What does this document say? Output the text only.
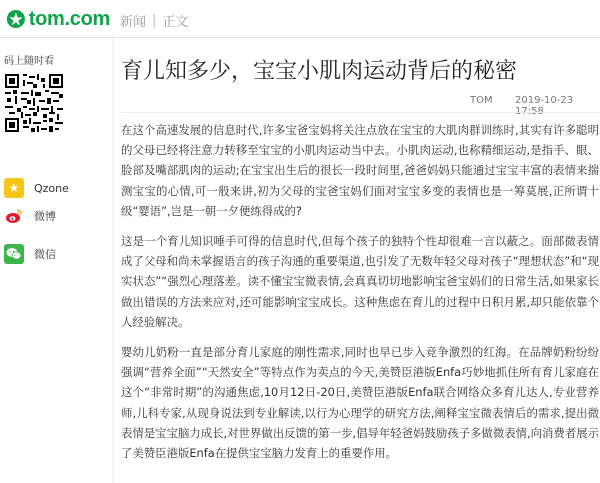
tom.com 新闻 | 正文
码上随时看
★	Qzone
微博
微信
育儿知多少，宝宝小肌肉运动背后的秘密
TOM 2019-10-23 17:58

在这个高速发展的信息时代,许多宝爸宝妈将关注点放在宝宝的大肌肉群训练时,其实有许多聪明的父母已经将注意力转移至宝宝的小肌肉运动当中去。小肌肉运动,也称精细运动,是指手、眼、脸部及嘴部肌肉的运动;在宝宝出生后的很长一段时间里,爸爸妈妈只能通过宝宝丰富的表情来揣测宝宝的心情,可一般来讲,初为父母的宝爸宝妈们面对宝宝多变的表情也是一筹莫展,正所谓十级“婴语”,岂是一朝一夕便练得成的?

这是一个育儿知识唾手可得的信息时代,但每个孩子的独特个性却很难一言以蔽之。面部微表情成了父母和尚未掌握语言的孩子沟通的重要渠道,也引发了无数年轻父母对孩子“理想状态”和“现实状态”“强烈心理落差。读不懂宝宝微表情,会真真切切地影响宝爸宝妈们的日常生活,如果家长做出错误的方法来应对,还可能影响宝宝成长。这种焦虑在育儿的过程中日积月累,却只能依靠个人经验解决。

婴幼儿奶粉一直是部分育儿家庭的刚性需求,同时也早已步入竞争激烈的红海。在品牌奶粉纷纷强调“营养全面”“天然安全”等特点作为卖点的今天,美赞臣港版Enfa巧妙地抓住所有育儿家庭在这个“非常时期”的沟通焦虑,10月12日-20日,美赞臣港版Enfa联合网络众多育儿达人,专业营养师,儿科专家,从现身说法到专业解读,以行为心理学的研究方法,阐释宝宝微表情后的需求,提出微表情是宝宝脑力成长,对世界做出反馈的第一步,倡导年轻爸妈鼓励孩子多做微表情,向消费者展示了美赞臣港版Enfa在提供宝宝脑力发育上的重要作用。
